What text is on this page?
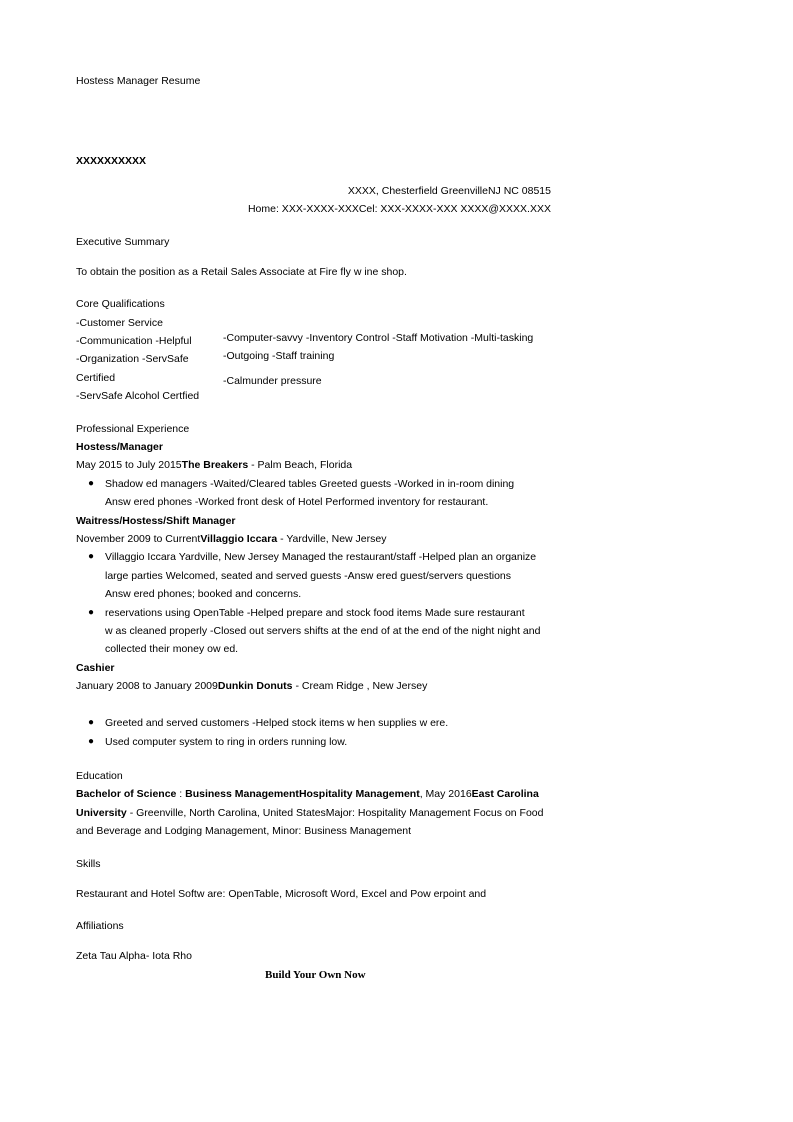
Hostess Manager Resume
XXXXXXXXXX
XXXX, Chesterfield GreenvilleNJ NC 08515
Home: XXX-XXXX-XXXCel: XXX-XXXX-XXX XXXX@XXXX.XXX
Executive Summary
To obtain the position as a Retail Sales Associate at Fire fly w ine shop.
Core Qualifications
-Customer Service
-Communication -Helpful
-Organization -ServSafe
Certified
-ServSafe Alcohol Certfied
-Computer-savvy -Inventory Control -Staff Motivation -Multi-tasking
-Outgoing -Staff training
-Calmunder pressure
Professional Experience
Hostess/Manager
May 2015 to July 2015The Breakers - Palm Beach, Florida
● Shadow ed managers -Waited/Cleared tables Greeted guests -Worked in in-room dining
Answ ered phones -Worked front desk of Hotel Performed inventory for restaurant.
Waitress/Hostess/Shift Manager
November 2009 to CurrentVillaggio Iccara - Yardville, New Jersey
● Villaggio Iccara Yardville, New Jersey Managed the restaurant/staff -Helped plan an organize
large parties Welcomed, seated and served guests -Answ ered guest/servers questions
Answ ered phones; booked and concerns.
● reservations using OpenTable -Helped prepare and stock food items Made sure restaurant
w as cleaned properly -Closed out servers shifts at the end of at the end of the night night and
collected their money ow ed.
Cashier
January 2008 to January 2009Dunkin Donuts - Cream Ridge , New Jersey
● Greeted and served customers -Helped stock items w hen supplies w ere.
● Used computer system to ring in orders running low.
Education
Bachelor of Science : Business ManagementHospitality Management, May 2016East Carolina
University - Greenville, North Carolina, United StatesMajor: Hospitality Management Focus on Food
and Beverage and Lodging Management, Minor: Business Management
Skills
Restaurant and Hotel Softw are: OpenTable, Microsoft Word, Excel and Pow erpoint and
Affiliations
Zeta Tau Alpha- Iota Rho
Build Your Own Now
